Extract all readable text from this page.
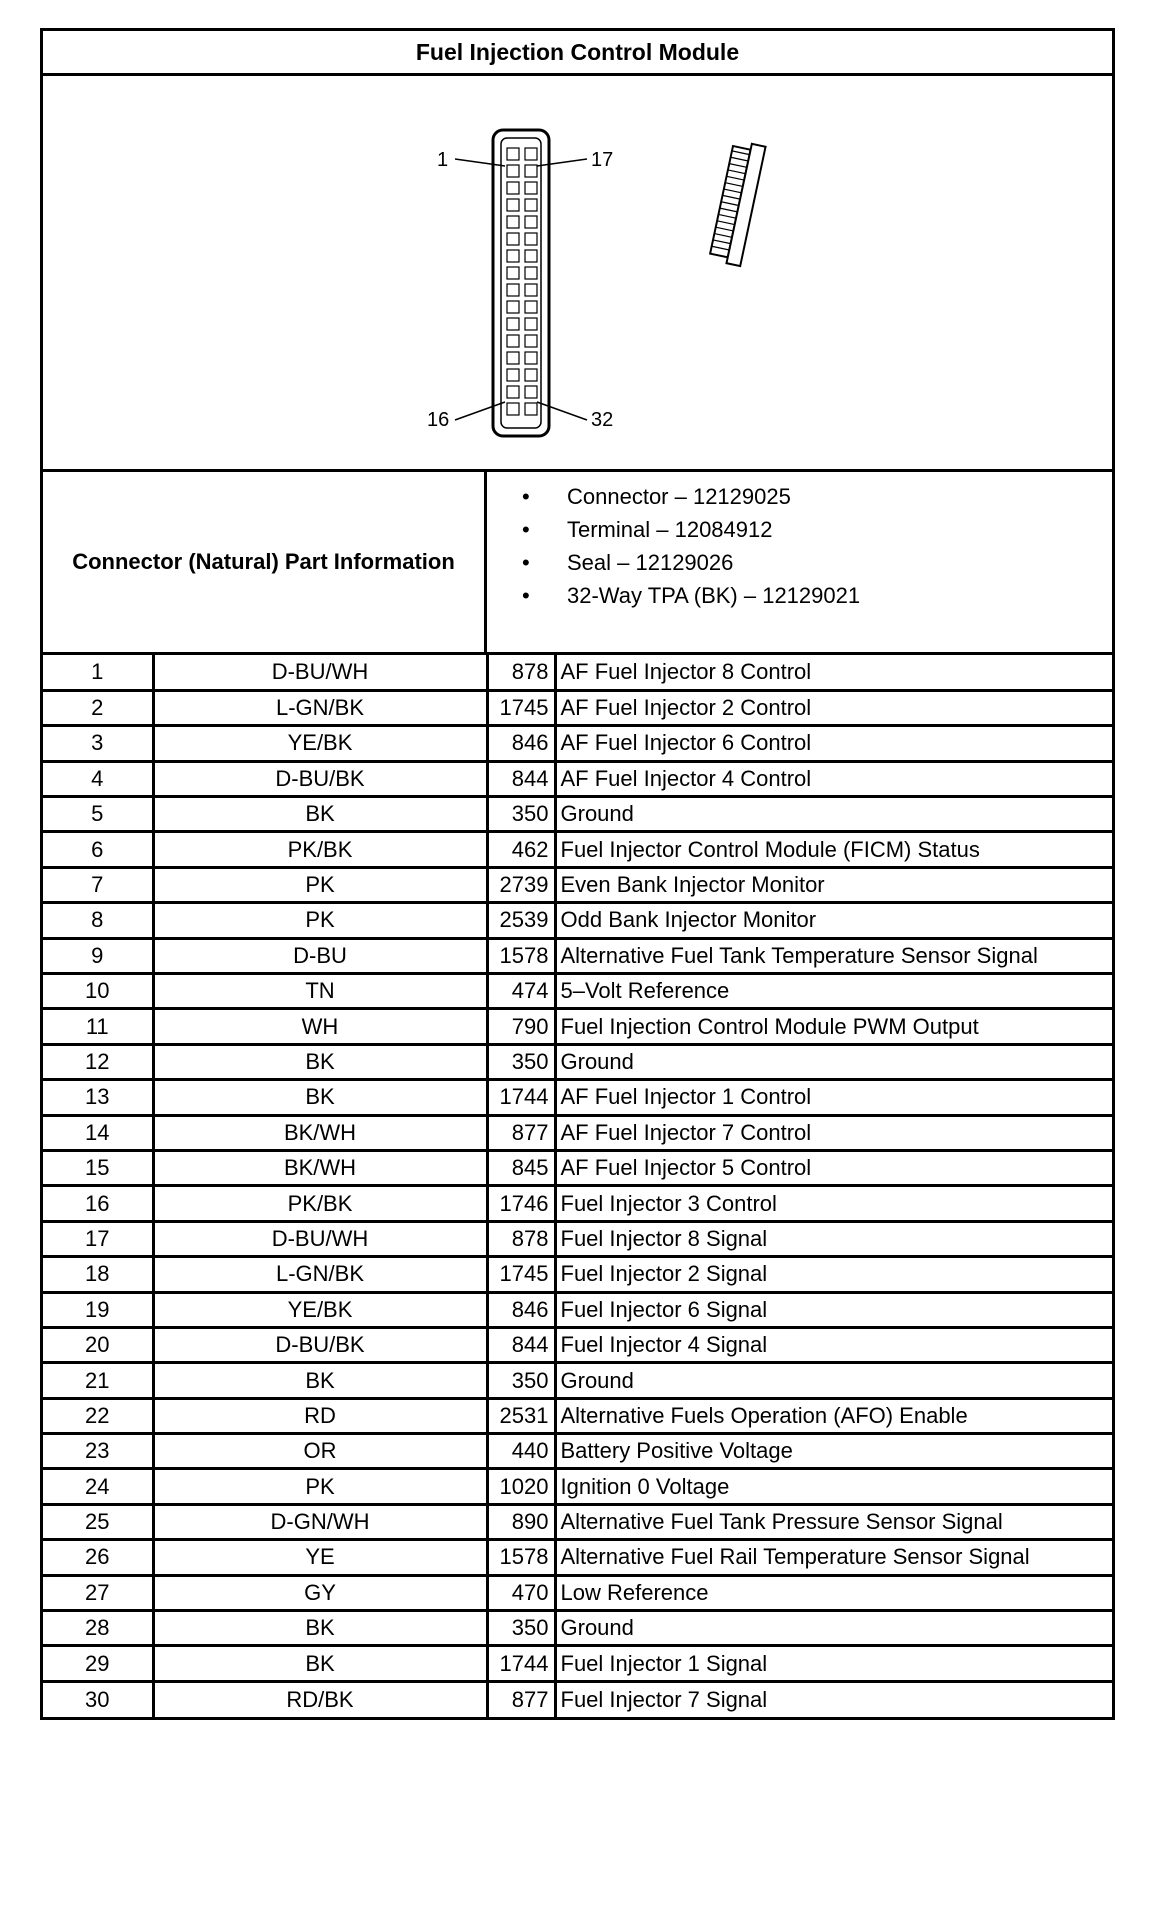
Fuel Injection Control Module
1	17
16	32
Connector (Natural) Part Information
• Connector – 12129025
• Terminal – 12084912
• Seal – 12129026
• 32-Way TPA (BK) – 12129021
1	D-BU/WH	878	AF Fuel Injector 8 Control
2	L-GN/BK	1745	AF Fuel Injector 2 Control
3	YE/BK	846	AF Fuel Injector 6 Control
4	D-BU/BK	844	AF Fuel Injector 4 Control
5	BK	350	Ground
6	PK/BK	462	Fuel Injector Control Module (FICM) Status
7	PK	2739	Even Bank Injector Monitor
8	PK	2539	Odd Bank Injector Monitor
9	D-BU	1578	Alternative Fuel Tank Temperature Sensor Signal
10	TN	474	5–Volt Reference
11	WH	790	Fuel Injection Control Module PWM Output
12	BK	350	Ground
13	BK	1744	AF Fuel Injector 1 Control
14	BK/WH	877	AF Fuel Injector 7 Control
15	BK/WH	845	AF Fuel Injector 5 Control
16	PK/BK	1746	Fuel Injector 3 Control
17	D-BU/WH	878	Fuel Injector 8 Signal
18	L-GN/BK	1745	Fuel Injector 2 Signal
19	YE/BK	846	Fuel Injector 6 Signal
20	D-BU/BK	844	Fuel Injector 4 Signal
21	BK	350	Ground
22	RD	2531	Alternative Fuels Operation (AFO) Enable
23	OR	440	Battery Positive Voltage
24	PK	1020	Ignition 0 Voltage
25	D-GN/WH	890	Alternative Fuel Tank Pressure Sensor Signal
26	YE	1578	Alternative Fuel Rail Temperature Sensor Signal
27	GY	470	Low Reference
28	BK	350	Ground
29	BK	1744	Fuel Injector 1 Signal
30	RD/BK	877	Fuel Injector 7 Signal
